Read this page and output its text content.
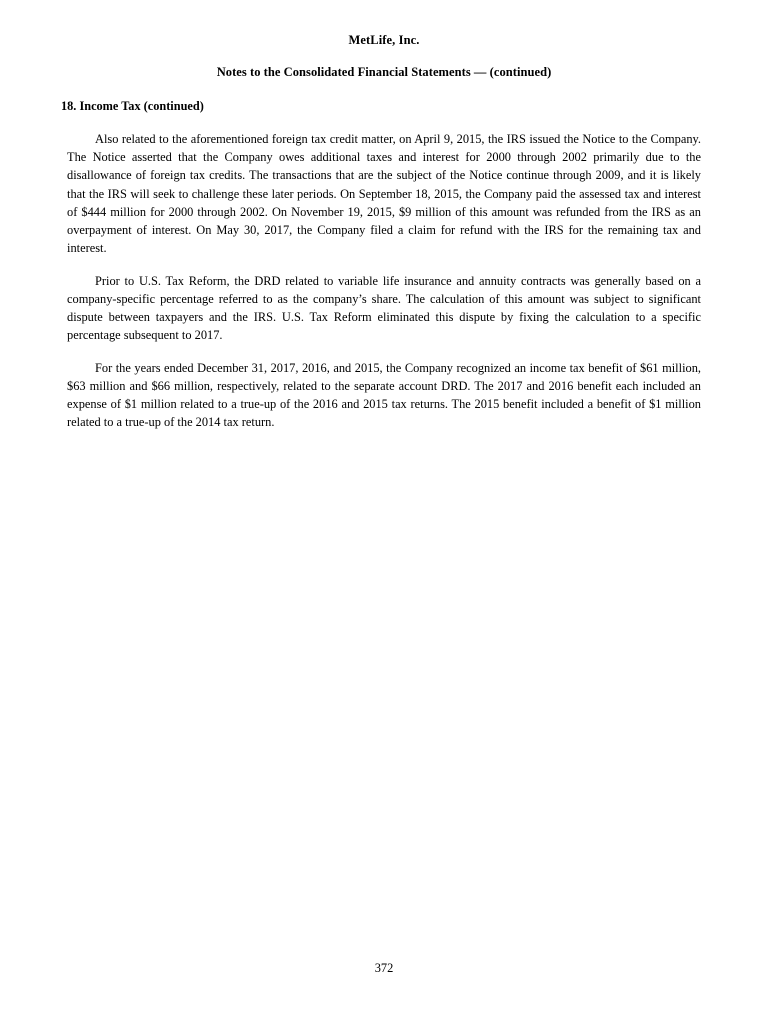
MetLife, Inc.
Notes to the Consolidated Financial Statements — (continued)
18. Income Tax (continued)

Also related to the aforementioned foreign tax credit matter, on April 9, 2015, the IRS issued the Notice to the Company. The Notice asserted that the Company owes additional taxes and interest for 2000 through 2002 primarily due to the disallowance of foreign tax credits. The transactions that are the subject of the Notice continue through 2009, and it is likely that the IRS will seek to challenge these later periods. On September 18, 2015, the Company paid the assessed tax and interest of $444 million for 2000 through 2002. On November 19, 2015, $9 million of this amount was refunded from the IRS as an overpayment of interest. On May 30, 2017, the Company filed a claim for refund with the IRS for the remaining tax and interest.

Prior to U.S. Tax Reform, the DRD related to variable life insurance and annuity contracts was generally based on a company-specific percentage referred to as the company’s share. The calculation of this amount was subject to significant dispute between taxpayers and the IRS. U.S. Tax Reform eliminated this dispute by fixing the calculation to a specific percentage subsequent to 2017.

For the years ended December 31, 2017, 2016, and 2015, the Company recognized an income tax benefit of $61 million, $63 million and $66 million, respectively, related to the separate account DRD. The 2017 and 2016 benefit each included an expense of $1 million related to a true-up of the 2016 and 2015 tax returns. The 2015 benefit included a benefit of $1 million related to a true-up of the 2014 tax return.

372
